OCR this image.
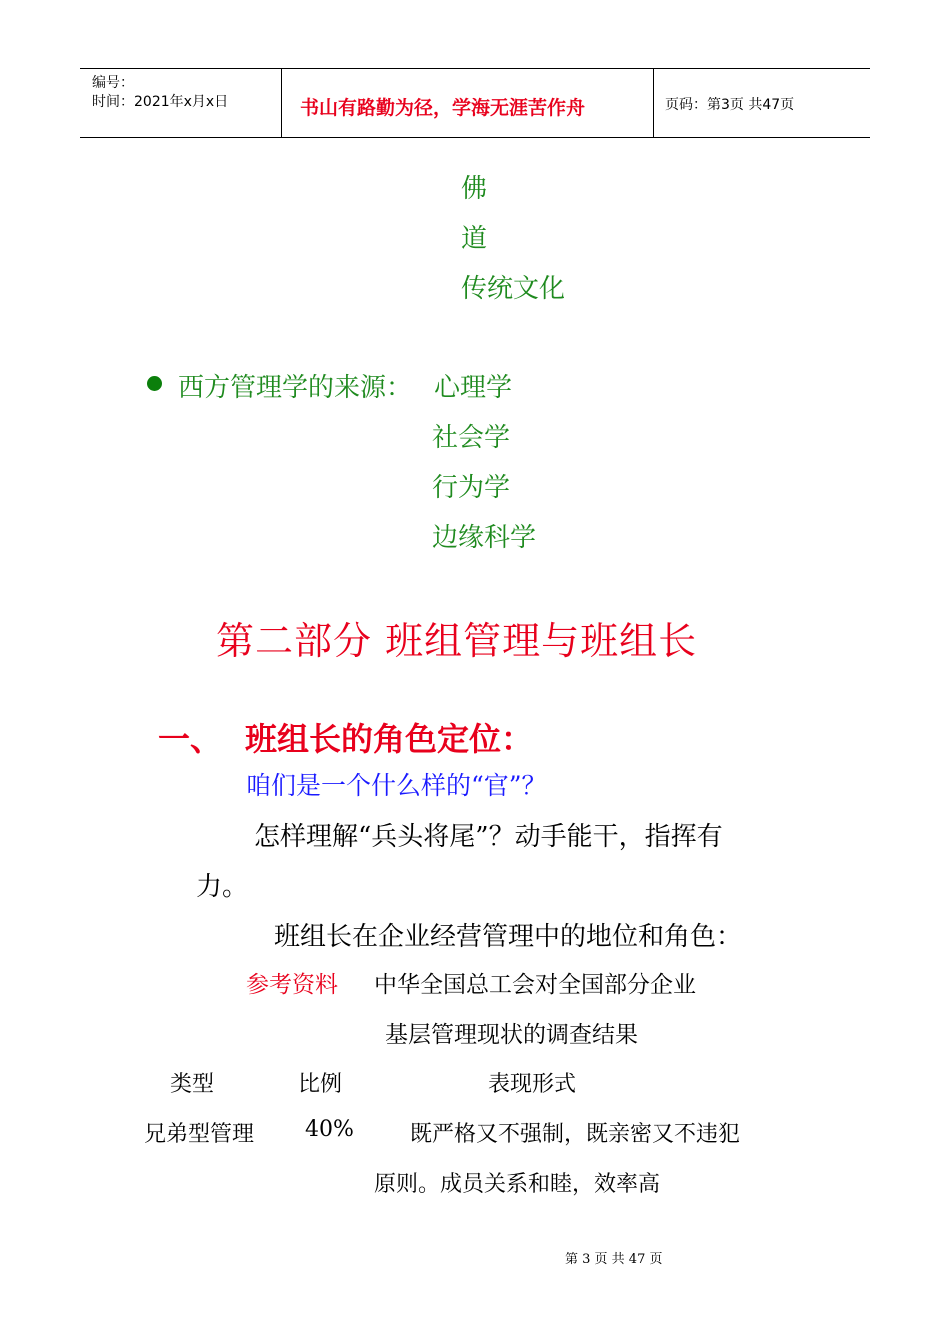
编号：
时间：2021年x月x日	书山有路勤为径，学海无涯苦作舟	页码：第3页 共47页
佛
道
传统文化
西方管理学的来源： 心理学
社会学
行为学
边缘科学
第二部分 班组管理与班组长
一、 班组长的角色定位：
咱们是一个什么样的“官”？
怎样理解“兵头将尾”？动手能干，指挥有
力。
班组长在企业经营管理中的地位和角色：
参考资料 中华全国总工会对全国部分企业
基层管理现状的调查结果
类型	比例	表现形式
兄弟型管理 40%	既严格又不强制，既亲密又不违犯
原则。成员关系和睦，效率高
第 3 页 共 47 页
